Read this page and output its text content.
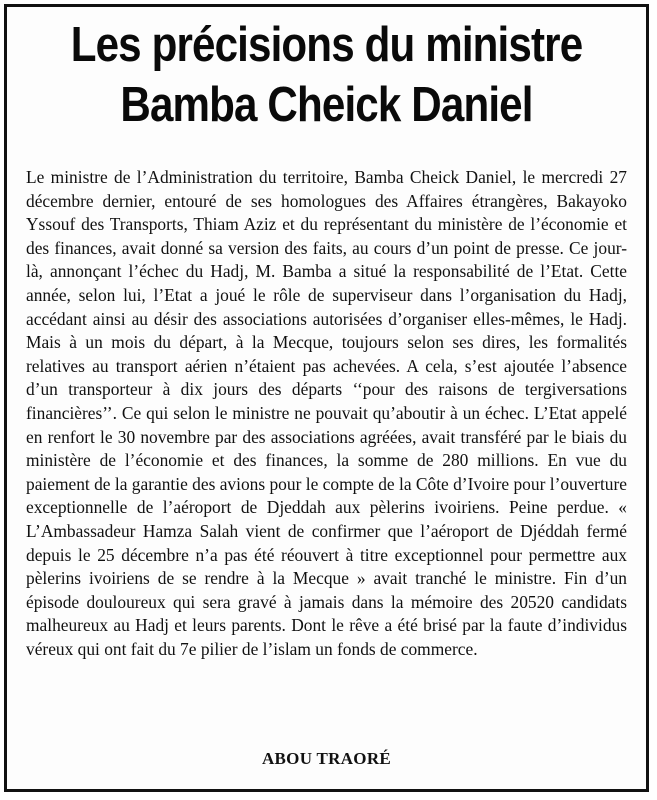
Les précisions du ministre
Bamba Cheick Daniel

Le ministre de l’Administration du territoire, Bamba Cheick Daniel, le mercredi 27 décembre dernier, entouré de ses homologues des Affaires étrangères, Bakayoko Yssouf des Transports, Thiam Aziz et du représentant du ministère de l’économie et des finances, avait donné sa version des faits, au cours d’un point de presse. Ce jour-là, annonçant l’échec du Hadj, M. Bamba a situé la responsabilité de l’Etat. Cette année, selon lui, l’Etat a joué le rôle de superviseur dans l’organisation du Hadj, accédant ainsi au désir des associations autorisées d’organiser elles-mêmes, le Hadj. Mais à un mois du départ, à la Mecque, toujours selon ses dires, les formalités relatives au transport aérien n’étaient pas achevées. A cela, s’est ajoutée l’absence d’un transporteur à dix jours des départs ‘‘pour des raisons de tergiversations financières’’. Ce qui selon le ministre ne pouvait qu’aboutir à un échec. L’Etat appelé en renfort le 30 novembre par des associations agréées, avait transféré par le biais du ministère de l’économie et des finances, la somme de 280 millions. En vue du paiement de la garantie des avions pour le compte de la Côte d’Ivoire pour l’ouverture exceptionnelle de l’aéroport de Djeddah aux pèlerins ivoiriens. Peine perdue. « L’Ambassadeur Hamza Salah vient de confirmer que l’aéroport de Djéddah fermé depuis le 25 décembre n’a pas été réouvert à titre exceptionnel pour permettre aux pèlerins ivoiriens de se rendre à la Mecque » avait tranché le ministre. Fin d’un épisode douloureux qui sera gravé à jamais dans la mémoire des 20520 candidats malheureux au Hadj et leurs parents. Dont le rêve a été brisé par la faute d’individus véreux qui ont fait du 7e pilier de l’islam un fonds de commerce.

ABOU TRAORÉ
